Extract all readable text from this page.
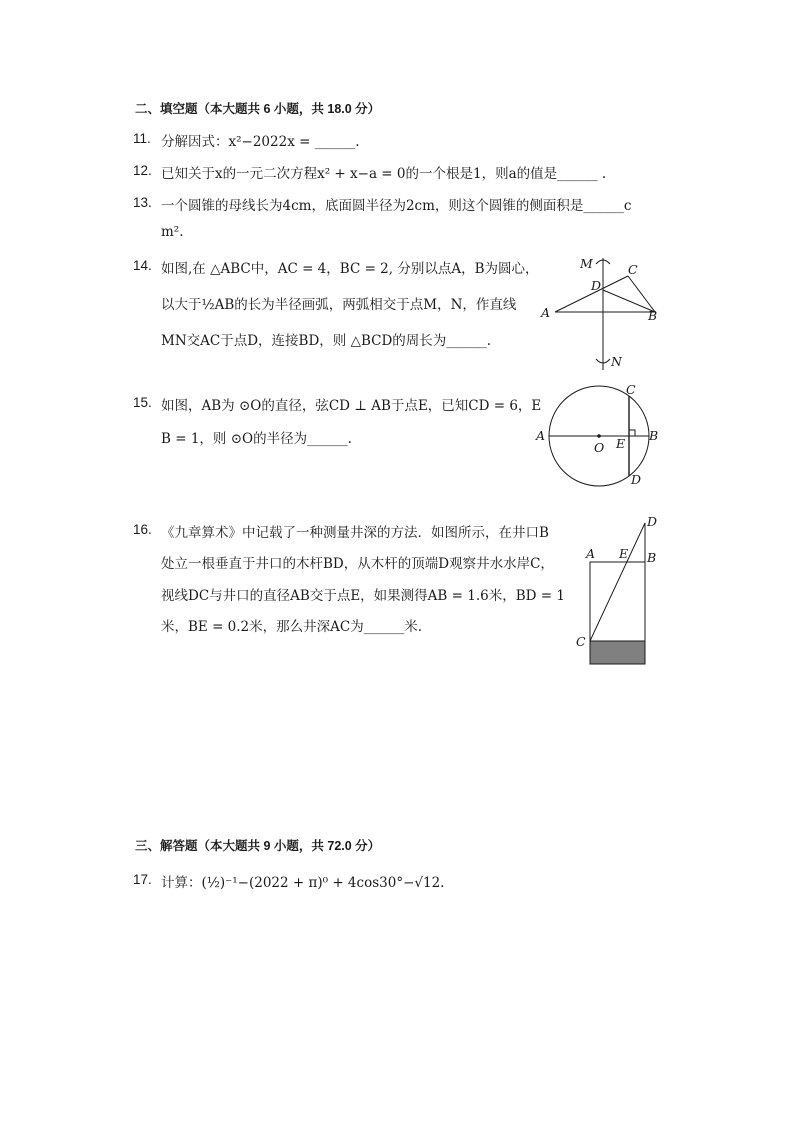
二、填空题（本大题共 6 小题，共 18.0 分）
11. 分解因式：x²−2022x = ______.
12. 已知关于x的一元二次方程x² + x−a = 0的一个根是1，则a的值是______ .
13. 一个圆锥的母线长为4cm，底面圆半径为2cm，则这个圆锥的侧面积是______c
m².
14. 如图,在 △ABC中，AC = 4，BC = 2, 分别以点A，B为圆心，
以大于½AB的长为半径画弧，两弧相交于点M，N，作直线
MN交AC于点D，连接BD，则 △BCD的周长为______.
M	C
D
A	B
N
15. 如图，AB为 ⊙O的直径，弦CD ⊥ AB于点E，已知CD = 6，E
B = 1，则 ⊙O的半径为______.
C
A	B
O E
D
16. 《九章算术》中记载了一种测量井深的方法．如图所示，在井口B
处立一根垂直于井口的木杆BD，从木杆的顶端D观察井水水岸C，
视线DC与井口的直径AB交于点E，如果测得AB = 1.6米，BD = 1
米，BE = 0.2米，那么井深AC为______米.
D
A E B
C
三、解答题（本大题共 9 小题，共 72.0 分）
17. 计算：(½)⁻¹−(2022 + π)⁰ + 4cos30°−√12.
